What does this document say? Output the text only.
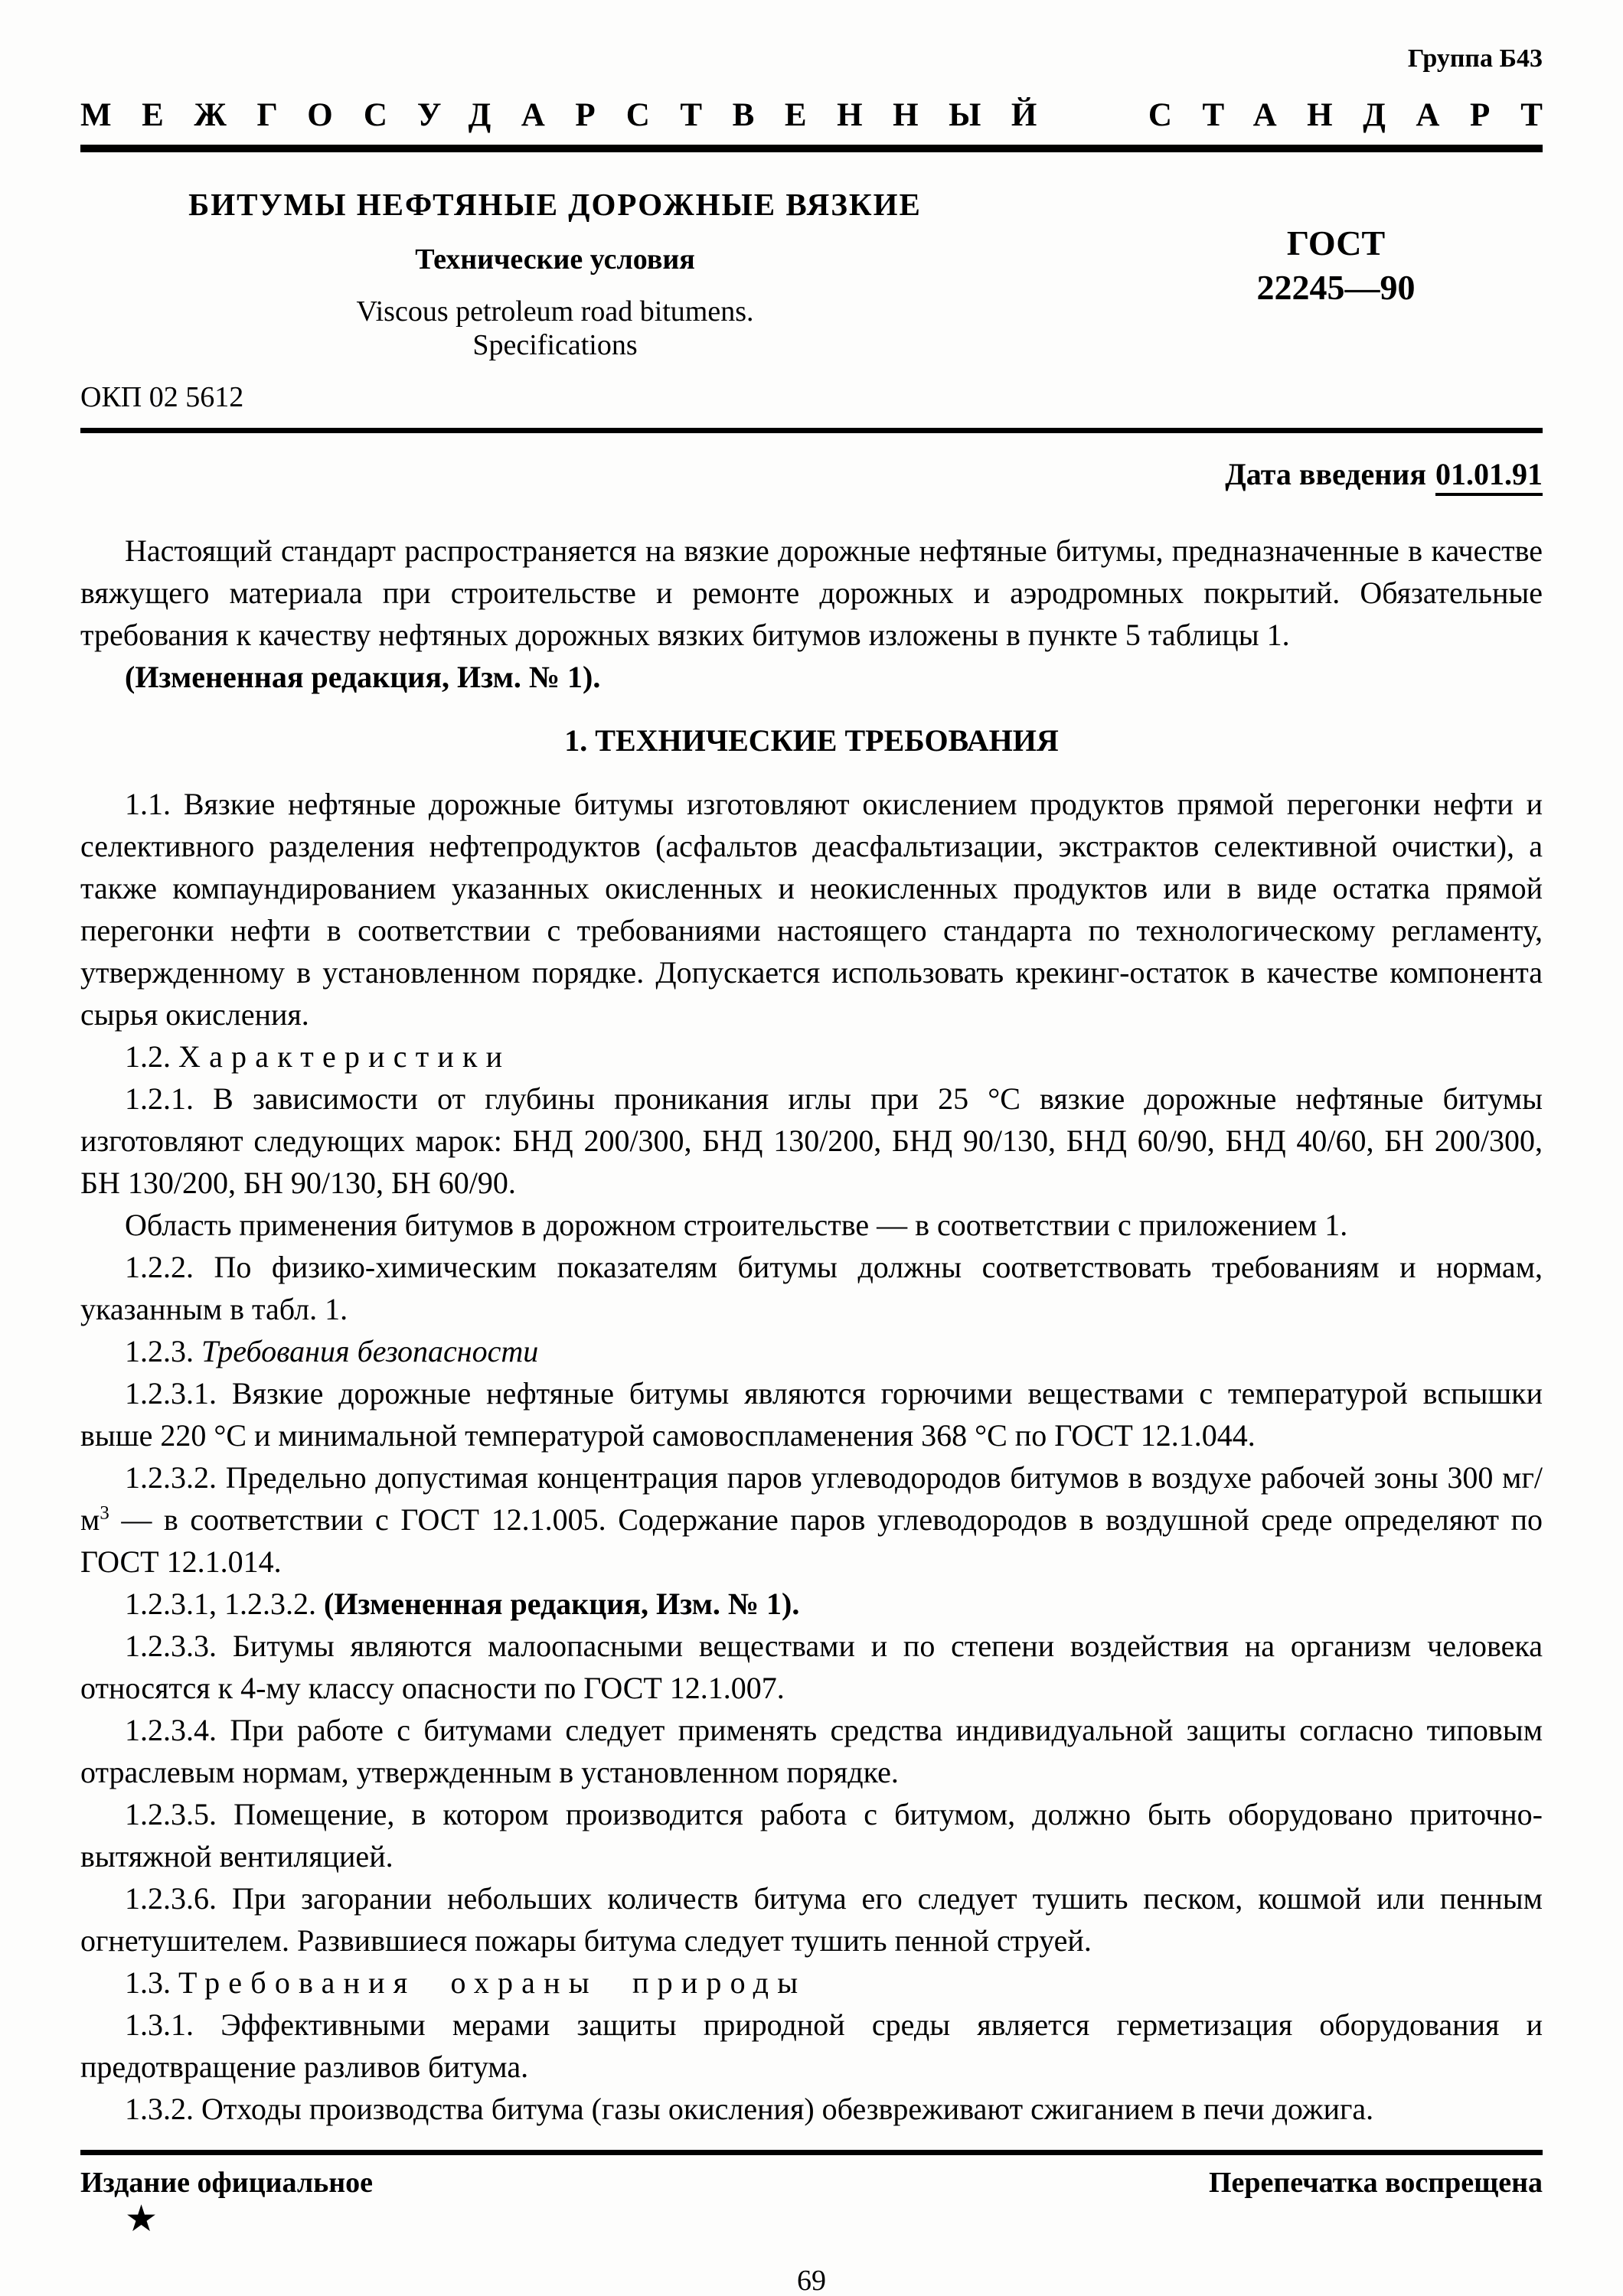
Группа Б43
МЕЖГОСУДАРСТВЕННЫЙ СТАНДАРТ
БИТУМЫ НЕФТЯНЫЕ ДОРОЖНЫЕ ВЯЗКИЕ
Технические условия
Viscous petroleum road bitumens.
Specifications
ГОСТ
22245—90
ОКП 02 5612
Дата введения 01.01.91

Настоящий стандарт распространяется на вязкие дорожные нефтяные битумы, предназначенные в качестве вяжущего материала при строительстве и ремонте дорожных и аэродромных покрытий. Обязательные требования к качеству нефтяных дорожных вязких битумов изложены в пункте 5 таблицы 1.

(Измененная редакция, Изм. № 1).

1. ТЕХНИЧЕСКИЕ ТРЕБОВАНИЯ

1.1. Вязкие нефтяные дорожные битумы изготовляют окислением продуктов прямой перегонки нефти и селективного разделения нефтепродуктов (асфальтов деасфальтизации, экстрактов селективной очистки), а также компаундированием указанных окисленных и неокисленных продуктов или в виде остатка прямой перегонки нефти в соответствии с требованиями настоящего стандарта по технологическому регламенту, утвержденному в установленном порядке. Допускается использовать крекинг-остаток в качестве компонента сырья окисления.

1.2. Характеристики

1.2.1. В зависимости от глубины проникания иглы при 25 °С вязкие дорожные нефтяные битумы изготовляют следующих марок: БНД 200/300, БНД 130/200, БНД 90/130, БНД 60/90, БНД 40/60, БН 200/300, БН 130/200, БН 90/130, БН 60/90.

Область применения битумов в дорожном строительстве — в соответствии с приложением 1.

1.2.2. По физико-химическим показателям битумы должны соответствовать требованиям и нормам, указанным в табл. 1.

1.2.3. Требования безопасности

1.2.3.1. Вязкие дорожные нефтяные битумы являются горючими веществами с температурой вспышки выше 220 °С и минимальной температурой самовоспламенения 368 °С по ГОСТ 12.1.044.

1.2.3.2. Предельно допустимая концентрация паров углеводородов битумов в воздухе рабочей зоны 300 $мг/м^3$ — в соответствии с ГОСТ 12.1.005. Содержание паров углеводородов в воздушной среде определяют по ГОСТ 12.1.014.

1.2.3.1, 1.2.3.2. (Измененная редакция, Изм. № 1).

1.2.3.3. Битумы являются малоопасными веществами и по степени воздействия на организм человека относятся к 4-му классу опасности по ГОСТ 12.1.007.

1.2.3.4. При работе с битумами следует применять средства индивидуальной защиты согласно типовым отраслевым нормам, утвержденным в установленном порядке.

1.2.3.5. Помещение, в котором производится работа с битумом, должно быть оборудовано приточно-вытяжной вентиляцией.

1.2.3.6. При загорании небольших количеств битума его следует тушить песком, кошмой или пенным огнетушителем. Развившиеся пожары битума следует тушить пенной струей.

1.3. Требования охраны природы

1.3.1. Эффективными мерами защиты природной среды является герметизация оборудования и предотвращение разливов битума.

1.3.2. Отходы производства битума (газы окисления) обезвреживают сжиганием в печи дожига.

Издание официальное	Перепечатка воспрещена
★
69
